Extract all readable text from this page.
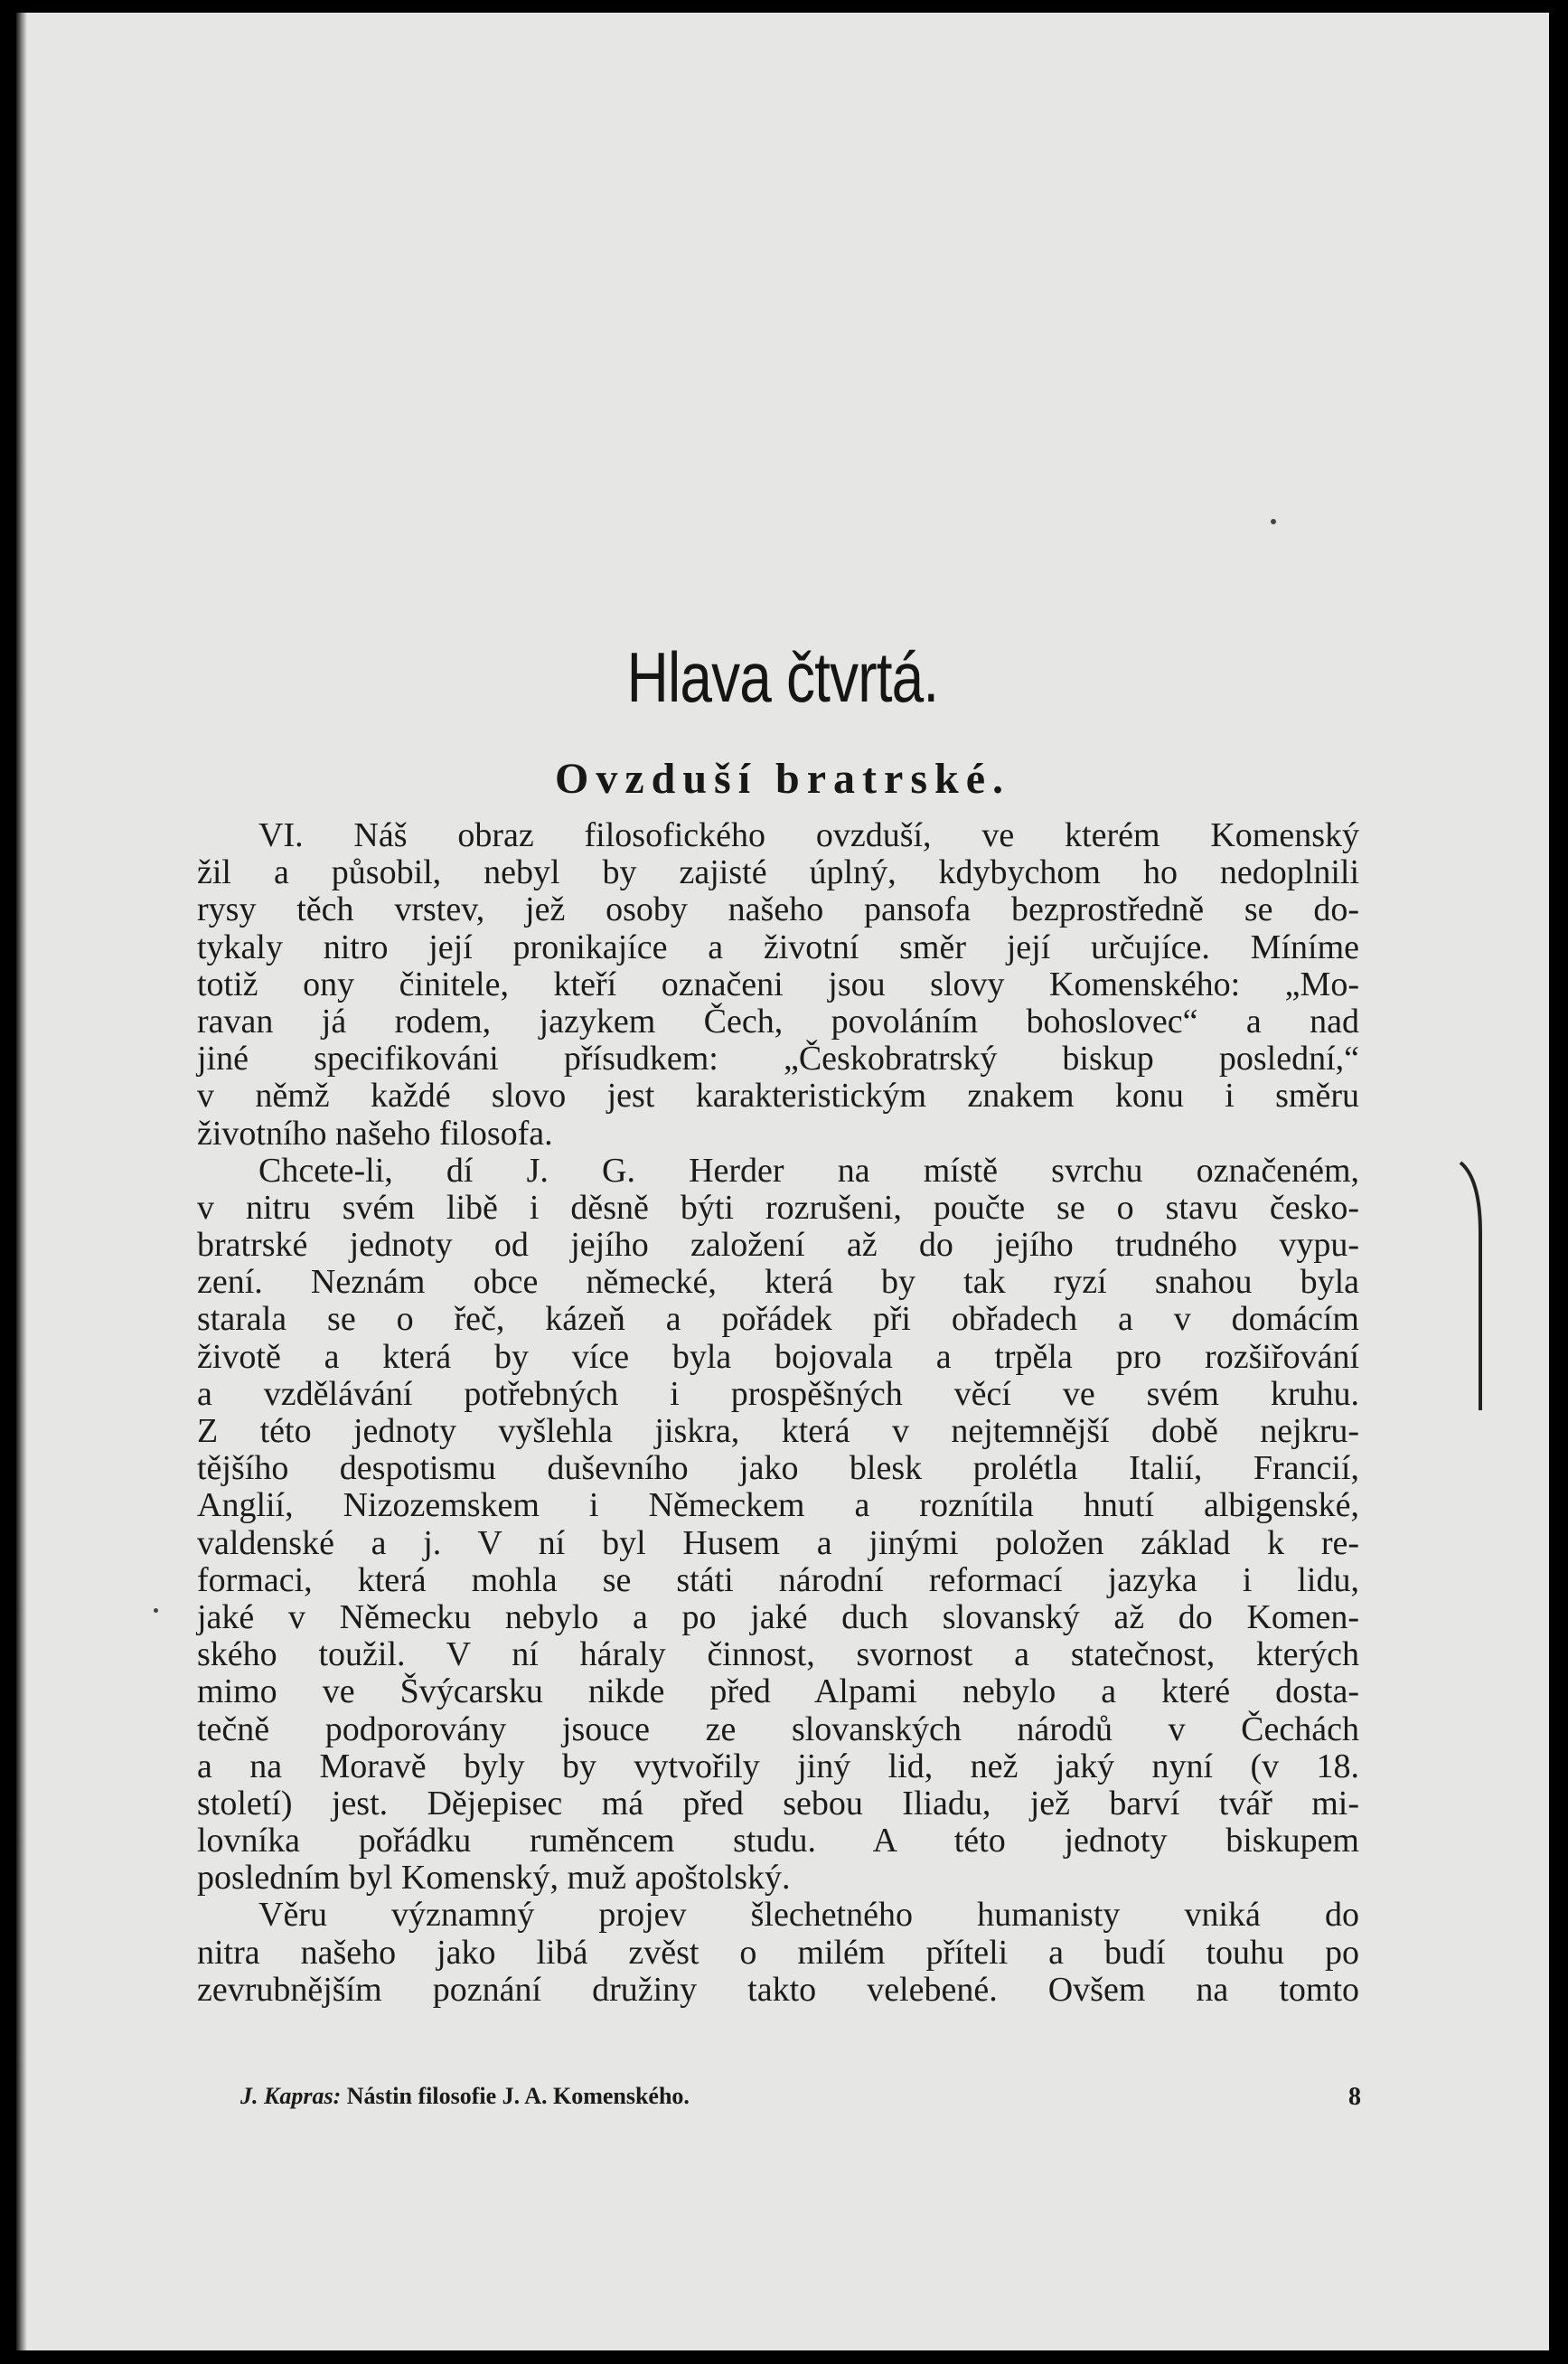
Hlava čtvrtá.
Ovzduší bratrské.
VI. Náš obraz filosofického ovzduší, ve kterém Komenský
žil a působil, nebyl by zajisté úplný, kdybychom ho nedoplnili
rysy těch vrstev, jež osoby našeho pansofa bezprostředně se do-
tykaly nitro její pronikajíce a životní směr její určujíce. Míníme
totiž ony činitele, kteří označeni jsou slovy Komenského: „Mo-
ravan já rodem, jazykem Čech, povoláním bohoslovec“ a nad
jiné specifikováni přísudkem: „Českobratrský biskup poslední,“
v němž každé slovo jest karakteristickým znakem konu i směru
životního našeho filosofa.
Chcete-li, dí J. G. Herder na místě svrchu označeném,
v nitru svém libě i děsně býti rozrušeni, poučte se o stavu česko-
bratrské jednoty od jejího založení až do jejího trudného vypu-
zení. Neznám obce německé, která by tak ryzí snahou byla
starala se o řeč, kázeň a pořádek při obřadech a v domácím
životě a která by více byla bojovala a trpěla pro rozšiřování
a vzdělávání potřebných i prospěšných věcí ve svém kruhu.
Z této jednoty vyšlehla jiskra, která v nejtemnější době nejkru-
tějšího despotismu duševního jako blesk prolétla Italií, Francií,
Anglií, Nizozemskem i Německem a roznítila hnutí albigenské,
valdenské a j. V ní byl Husem a jinými položen základ k re-
formaci, která mohla se státi národní reformací jazyka i lidu,
jaké v Německu nebylo a po jaké duch slovanský až do Komen-
ského toužil. V ní hárаly činnost, svornost a statečnost, kterých
mimo ve Švýcarsku nikde před Alpami nebylo a které dosta-
tečně podporovány jsouce ze slovanských národů v Čechách
a na Moravě byly by vytvořily jiný lid, než jaký nyní (v 18.
století) jest. Dějepisec má před sebou Iliadu, jež barví tvář mi-
lovníka pořádku ruměncem studu. A této jednoty biskupem
posledním byl Komenský, muž apoštolský.
Věru významný projev šlechetného humanisty vniká do
nitra našeho jako libá zvěst o milém příteli a budí touhu po
zevrubnějším poznání družiny takto velebené. Ovšem na tomto
J. Kapras: Nástin filosofie J. A. Komenského.	8
